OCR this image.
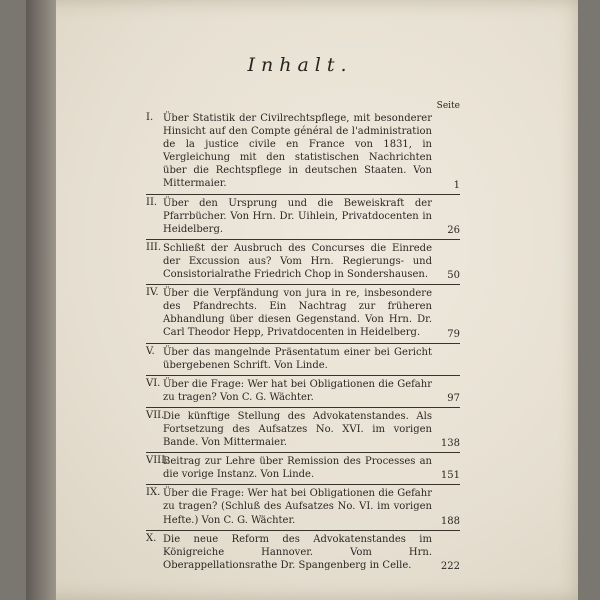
Inhalt.
Seite
I. Über Statistik der Civilrechtspflege, mit besonderer Hinsicht auf den Compte général de l'administration de la justice civile en France von 1831, in Vergleichung mit den statistischen Nachrichten über die Rechtspflege in deutschen Staaten. Von Mittermaier.	1
II. Über den Ursprung und die Beweiskraft der Pfarrbücher. Von Hrn. Dr. Uihlein, Privatdocenten in Heidelberg.	26
III. Schließt der Ausbruch des Concurses die Einrede der Excussion aus? Vom Hrn. Regierungs- und Consistorialrathe Friedrich Chop in Sondershausen.	50
IV. Über die Verpfändung von jura in re, insbesondere des Pfandrechts. Ein Nachtrag zur früheren Abhandlung über diesen Gegenstand. Von Hrn. Dr. Carl Theodor Hepp, Privatdocenten in Heidelberg.	79
V. Über das mangelnde Präsentatum einer bei Gericht übergebenen Schrift. Von Linde.
VI. Über die Frage: Wer hat bei Obligationen die Gefahr zu tragen? Von C. G. Wächter.	97
VII.
Die künftige Stellung des Advokatenstandes. Als Fortsetzung des Aufsatzes No. XVI. im vorigen Bande. Von Mittermaier.	138
VIII.
Beitrag zur Lehre über Remission des Processes an die vorige Instanz. Von Linde.	151
IX. Über die Frage: Wer hat bei Obligationen die Gefahr zu tragen? (Schluß des Aufsatzes No. VI. im vorigen Hefte.) Von C. G. Wächter.	188
X. Die neue Reform des Advokatenstandes im Königreiche Hannover. Vom Hrn. Oberappellationsrathe Dr. Spangenberg in Celle.	222
